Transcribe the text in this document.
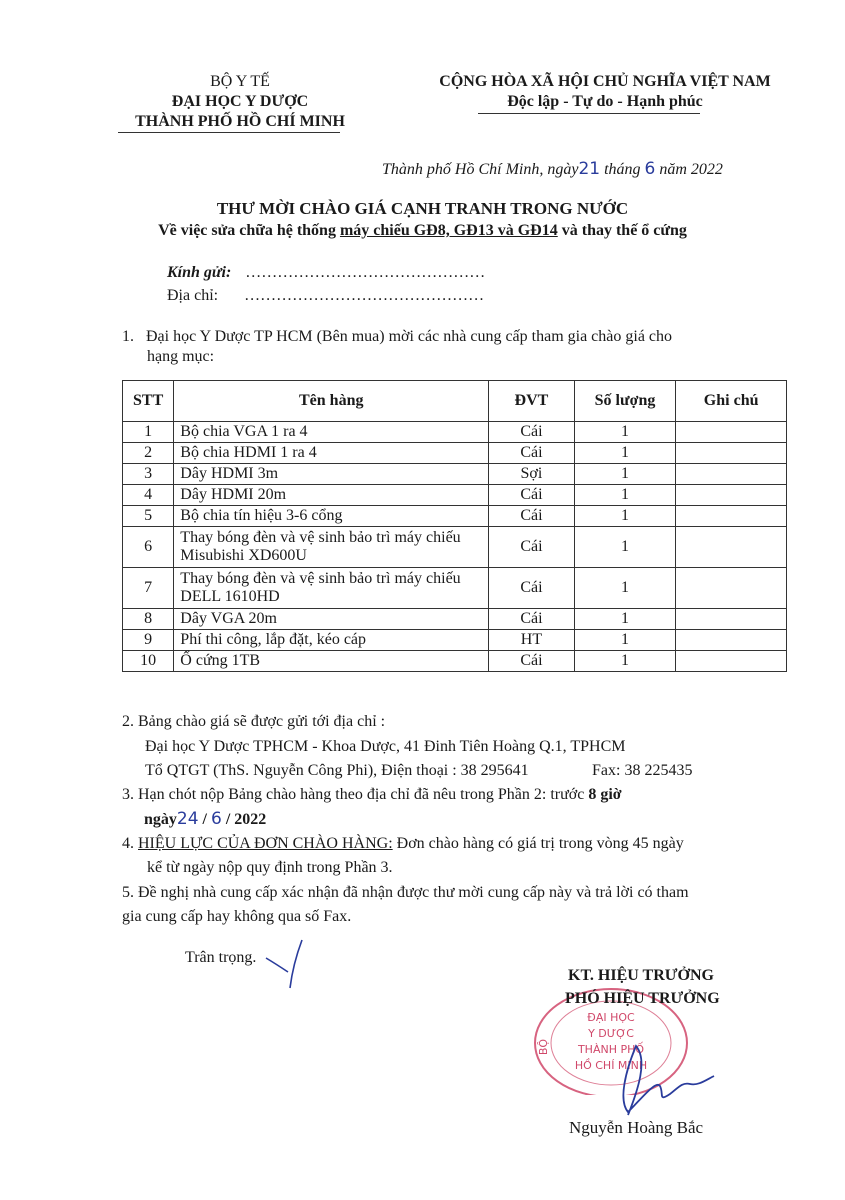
BỘ Y TẾ
ĐẠI HỌC Y DƯỢC
THÀNH PHỐ HỒ CHÍ MINH
CỘNG HÒA XÃ HỘI CHỦ NGHĨA VIỆT NAM
Độc lập - Tự do - Hạnh phúc
Thành phố Hồ Chí Minh, ngày21 tháng 6 năm 2022
THƯ MỜI CHÀO GIÁ CẠNH TRANH TRONG NƯỚC
Về việc sửa chữa hệ thống máy chiếu GĐ8, GĐ13 và GĐ14 và thay thế ổ cứng
Kính gửi: ………………………………………
Địa chỉ: ………………………………………
1. Đại học Y Dược TP HCM (Bên mua) mời các nhà cung cấp tham gia chào giá cho
hạng mục:
STT	Tên hàng	ĐVT	Số lượng	Ghi chú
1	Bộ chia VGA 1 ra 4	Cái	1	
2	Bộ chia HDMI 1 ra 4	Cái	1	
3	Dây HDMI 3m	Sợi	1	
4	Dây HDMI 20m	Cái	1	
5	Bộ chia tín hiệu 3-6 cổng	Cái	1	
6	Thay bóng đèn và vệ sinh bảo trì máy chiếu Misubishi XD600U	Cái	1	
7	Thay bóng đèn và vệ sinh bảo trì máy chiếu DELL 1610HD	Cái	1	
8	Dây VGA 20m	Cái	1	
9	Phí thi công, lắp đặt, kéo cáp	HT	1	
10	Ổ cứng 1TB	Cái	1	
2. Bảng chào giá sẽ được gửi tới địa chỉ :
Đại học Y Dược TPHCM - Khoa Dược, 41 Đinh Tiên Hoàng Q.1, TPHCM
Tổ QTGT (ThS. Nguyễn Công Phi), Điện thoại : 38 295641	Fax: 38 225435
3. Hạn chót nộp Bảng chào hàng theo địa chỉ đã nêu trong Phần 2: trước 8 giờ
ngày24 / 6 / 2022
4. HIỆU LỰC CỦA ĐƠN CHÀO HÀNG: Đơn chào hàng có giá trị trong vòng 45 ngày
kể từ ngày nộp quy định trong Phần 3.
5. Đề nghị nhà cung cấp xác nhận đã nhận được thư mời cung cấp này và trả lời có tham
gia cung cấp hay không qua số Fax.
Trân trọng.
ĐẠI HỌC
Y DƯỢC
THÀNH PHỐ
HỒ CHÍ MINH
BỘ
KT. HIỆU TRƯỞNG
PHÓ HIỆU TRƯỞNG
Nguyễn Hoàng Bắc
